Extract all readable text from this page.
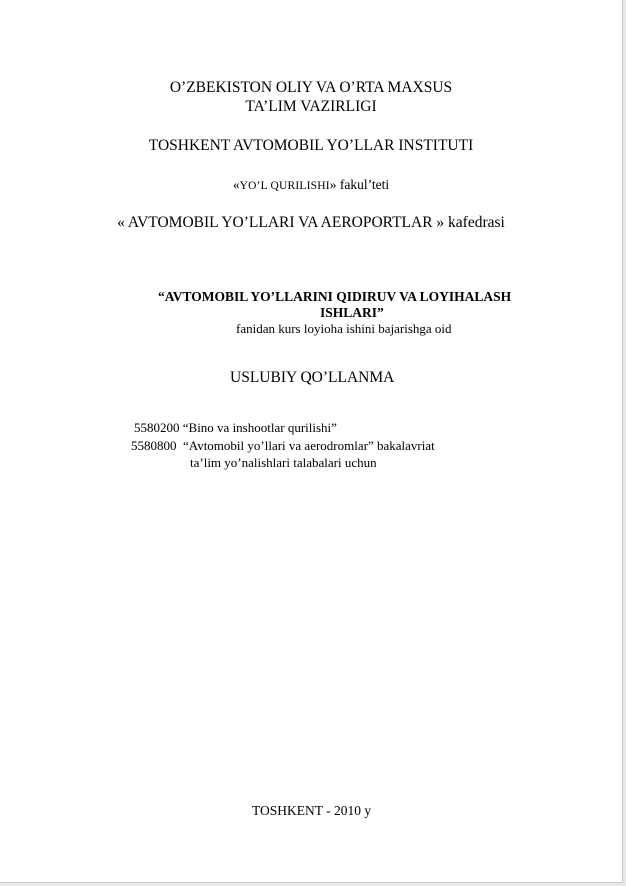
O’ZBEKISTON OLIY VA O’RTA MAXSUS
TA’LIM VAZIRLIGI
TOSHKENT AVTOMOBIL YO’LLAR INSTITUTI
«YO’L QURILISHI» fakul’teti
« AVTOMOBIL YO’LLARI VA AEROPORTLAR » kafedrasi
“AVTOMOBIL YO’LLARINI QIDIRUV VA LOYIHALASH
ISHLARI”
fanidan kurs loyioha ishini bajarishga oid
USLUBIY QO’LLANMA
5580200 “Bino va inshootlar qurilishi”
5580800 “Avtomobil yo’llari va aerodromlar” bakalavriat
ta’lim yo’nalishlari talabalari uchun
TOSHKENT - 2010 y
